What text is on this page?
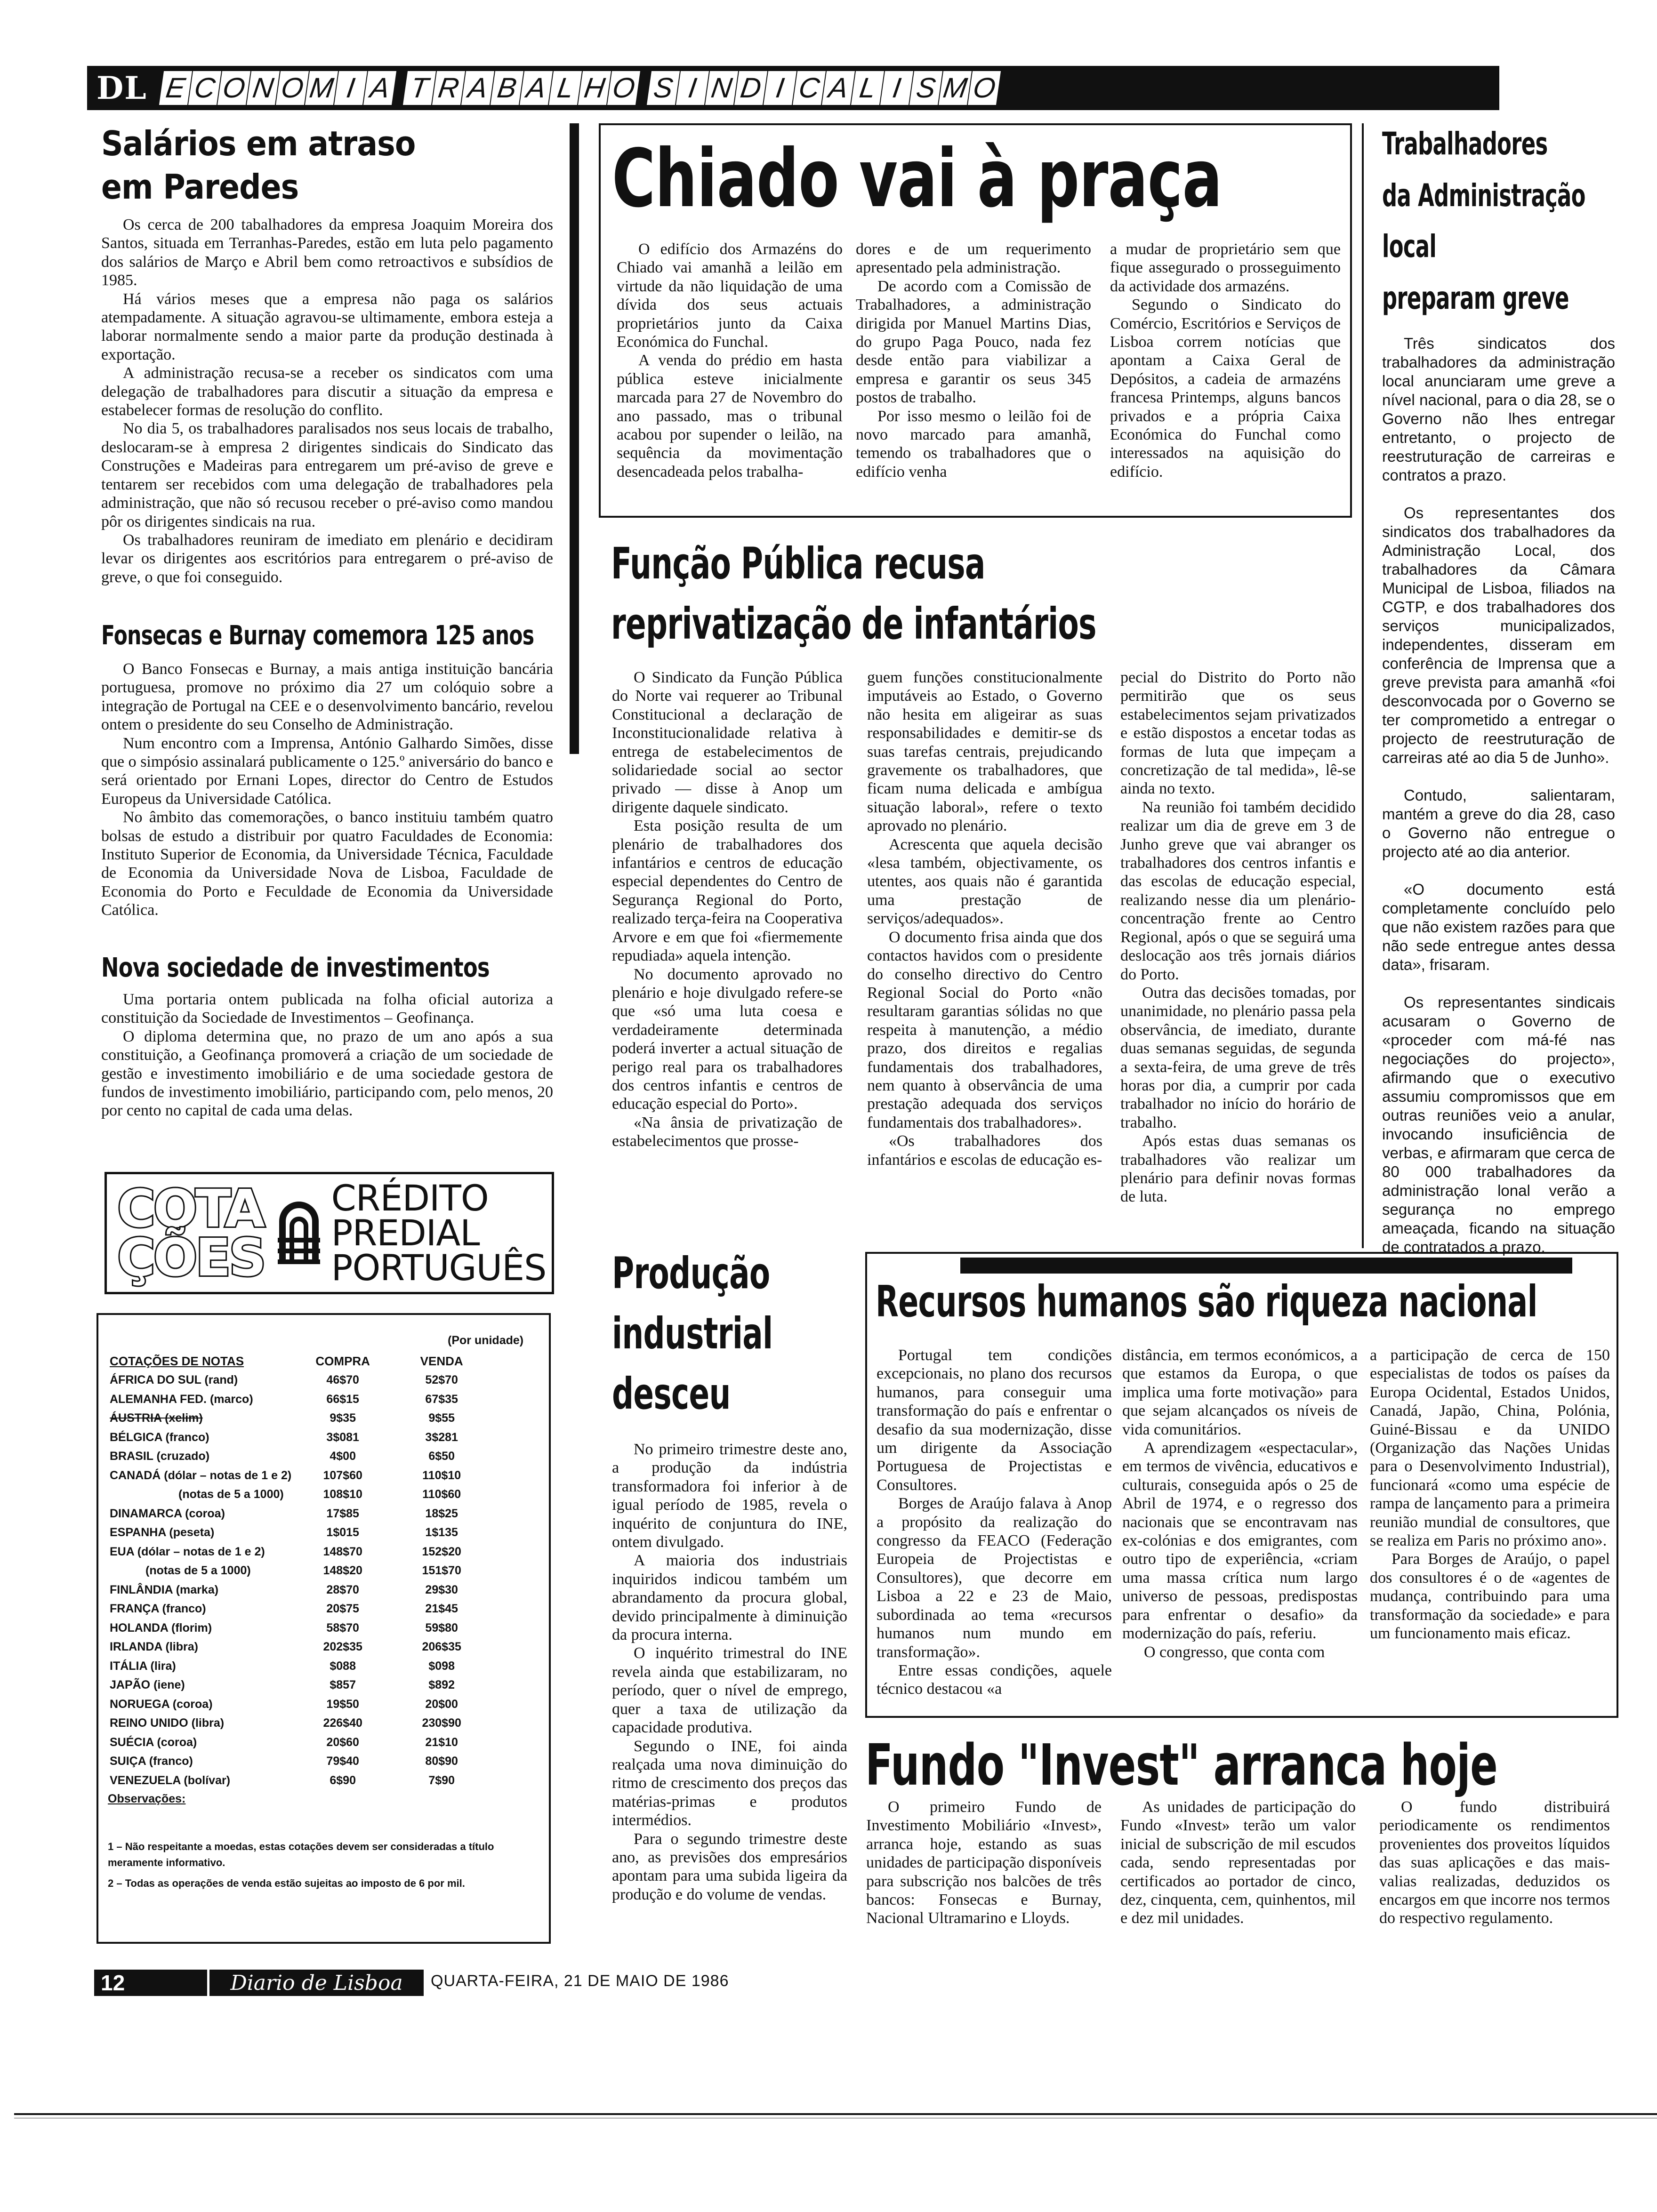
DL E C O N O M I A T R A B A L H O S I N D I C A L I S M O
Salários em atraso
em Paredes

Os cerca de 200 tabalhadores da empresa Joaquim Moreira dos Santos, situada em Terranhas-Paredes, estão em luta pelo pagamento dos salários de Março e Abril bem como retroactivos e subsídios de 1985.

Há vários meses que a empresa não paga os salários atempadamente. A situação agravou-se ultimamente, embora esteja a laborar normalmente sendo a maior parte da produção destinada à exportação.

A administração recusa-se a receber os sindicatos com uma delegação de trabalhadores para discutir a situação da empresa e estabelecer formas de resolução do conflito.

No dia 5, os trabalhadores paralisados nos seus locais de trabalho, deslocaram-se à empresa 2 dirigentes sindicais do Sindicato das Construções e Madeiras para entregarem um pré-aviso de greve e tentarem ser recebidos com uma delegação de trabalhadores pela administração, que não só recusou receber o pré-aviso como mandou pôr os dirigentes sindicais na rua.

Os trabalhadores reuniram de imediato em plenário e decidiram levar os dirigentes aos escritórios para entregarem o pré-aviso de greve, o que foi conseguido.

Fonsecas e Burnay comemora 125 anos

O Banco Fonsecas e Burnay, a mais antiga instituição bancária portuguesa, promove no próximo dia 27 um colóquio sobre a integração de Portugal na CEE e o desenvolvimento bancário, revelou ontem o presidente do seu Conselho de Administração.

Num encontro com a Imprensa, António Galhardo Simões, disse que o simpósio assinalará publicamente o 125.º aniversário do banco e será orientado por Ernani Lopes, director do Centro de Estudos Europeus da Universidade Católica.

No âmbito das comemorações, o banco instituiu também quatro bolsas de estudo a distribuir por quatro Faculdades de Economia: Instituto Superior de Economia, da Universidade Técnica, Faculdade de Economia da Universidade Nova de Lisboa, Faculdade de Economia do Porto e Feculdade de Economia da Universidade Católica.

Nova sociedade de investimentos

Uma portaria ontem publicada na folha oficial autoriza a constituição da Sociedade de Investimentos – Geofinança.

O diploma determina que, no prazo de um ano após a sua constituição, a Geofinança promoverá a criação de um sociedade de gestão e investimento imobiliário e de uma sociedade gestora de fundos de investimento imobiliário, participando com, pelo menos, 20 por cento no capital de cada uma delas.

COTA
ÇÕES
CRÉDITO
PREDIAL
PORTUGUÊS
(Por unidade)
COTAÇÕES DE NOTAS	COMPRA	VENDA
ÁFRICA DO SUL (rand)	46$70	52$70
ALEMANHA FED. (marco)	66$15	67$35
ÁUSTRIA (xelim)	9$35	9$55
BÉLGICA (franco)	3$081	3$281
BRASIL (cruzado)	4$00	6$50
CANADÁ (dólar – notas de 1 e 2)	107$60	110$10
(notas de 5 a 1000)	108$10	110$60
DINAMARCA (coroa)	17$85	18$25
ESPANHA (peseta)	1$015	1$135
EUA (dólar – notas de 1 e 2)	148$70	152$20
(notas de 5 a 1000)	148$20	151$70
FINLÂNDIA (marka)	28$70	29$30
FRANÇA (franco)	20$75	21$45
HOLANDA (florim)	58$70	59$80
IRLANDA (libra)	202$35	206$35
ITÁLIA (lira)	$088	$098
JAPÃO (iene)	$857	$892
NORUEGA (coroa)	19$50	20$00
REINO UNIDO (libra)	226$40	230$90
SUÉCIA (coroa)	20$60	21$10
SUIÇA (franco)	79$40	80$90
VENEZUELA (bolívar)	6$90	7$90
Observações:
1 – Não respeitante a moedas, estas cotações devem ser consideradas a título meramente informativo.
2 – Todas as operações de venda estão sujeitas ao imposto de 6 por mil.
Chiado vai à praça

O edifício dos Armazéns do Chiado vai amanhã a leilão em virtude da não liquidação de uma dívida dos seus actuais proprietários junto da Caixa Económica do Funchal.

A venda do prédio em hasta pública esteve inicialmente marcada para 27 de Novembro do ano passado, mas o tribunal acabou por supender o leilão, na sequência da movimentação desencadeada pelos trabalha-

dores e de um requerimento apresentado pela administração.

De acordo com a Comissão de Trabalhadores, a administração dirigida por Manuel Martins Dias, do grupo Paga Pouco, nada fez desde então para viabilizar a empresa e garantir os seus 345 postos de trabalho.

Por isso mesmo o leilão foi de novo marcado para amanhã, temendo os trabalhadores que o edifício venha

a mudar de proprietário sem que fique assegurado o prosseguimento da actividade dos armazéns.

Segundo o Sindicato do Comércio, Escritórios e Serviços de Lisboa correm notícias que apontam a Caixa Geral de Depósitos, a cadeia de armazéns francesa Printemps, alguns bancos privados e a própria Caixa Económica do Funchal como interessados na aquisição do edifício.

Função Pública recusa
reprivatização de infantários

O Sindicato da Função Pública do Norte vai requerer ao Tribunal Constitucional a declaração de Inconstitucionalidade relativa à entrega de estabelecimentos de solidariedade social ao sector privado — disse à Anop um dirigente daquele sindicato.

Esta posição resulta de um plenário de trabalhadores dos infantários e centros de educação especial dependentes do Centro de Segurança Regional do Porto, realizado terça-feira na Cooperativa Arvore e em que foi «fiermemente repudiada» aquela intenção.

No documento aprovado no plenário e hoje divulgado refere-se que «só uma luta coesa e verdadeiramente determinada poderá inverter a actual situação de perigo real para os trabalhadores dos centros infantis e centros de educação especial do Porto».

«Na ânsia de privatização de estabelecimentos que prosse-

guem funções constitucionalmente imputáveis ao Estado, o Governo não hesita em aligeirar as suas responsabilidades e demitir-se ds suas tarefas centrais, prejudicando gravemente os trabalhadores, que ficam numa delicada e ambígua situação laboral», refere o texto aprovado no plenário.

Acrescenta que aquela decisão «lesa também, objectivamente, os utentes, aos quais não é garantida uma prestação de serviços/adequados».

O documento frisa ainda que dos contactos havidos com o presidente do conselho directivo do Centro Regional Social do Porto «não resultaram garantias sólidas no que respeita à manutenção, a médio prazo, dos direitos e regalias fundamentais dos trabalhadores, nem quanto à observância de uma prestação adequada dos serviços fundamentais dos trabalhadores».

«Os trabalhadores dos infantários e escolas de educação es-

pecial do Distrito do Porto não permitirão que os seus estabelecimentos sejam privatizados e estão dispostos a encetar todas as formas de luta que impeçam a concretização de tal medida», lê-se ainda no texto.

Na reunião foi também decidido realizar um dia de greve em 3 de Junho greve que vai abranger os trabalhadores dos centros infantis e das escolas de educação especial, realizando nesse dia um plenário-concentração frente ao Centro Regional, após o que se seguirá uma deslocação aos três jornais diários do Porto.

Outra das decisões tomadas, por unanimidade, no plenário passa pela observância, de imediato, durante duas semanas seguidas, de segunda a sexta-feira, de uma greve de três horas por dia, a cumprir por cada trabalhador no início do horário de trabalho.

Após estas duas semanas os trabalhadores vão realizar um plenário para definir novas formas de luta.

Produção
industrial
desceu

No primeiro trimestre deste ano, a produção da indústria transformadora foi inferior à de igual período de 1985, revela o inquérito de conjuntura do INE, ontem divulgado.

A maioria dos industriais inquiridos indicou também um abrandamento da procura global, devido principalmente à diminuição da procura interna.

O inquérito trimestral do INE revela ainda que estabilizaram, no período, quer o nível de emprego, quer a taxa de utilização da capacidade produtiva.

Segundo o INE, foi ainda realçada uma nova diminuição do ritmo de crescimento dos preços das matérias-primas e produtos intermédios.

Para o segundo trimestre deste ano, as previsões dos empresários apontam para uma subida ligeira da produção e do volume de vendas.

Recursos humanos são riqueza nacional

Portugal tem condições excepcionais, no plano dos recursos humanos, para conseguir uma transformação do país e enfrentar o desafio da sua modernização, disse um dirigente da Associação Portuguesa de Projectistas e Consultores.

Borges de Araújo falava à Anop a propósito da realização do congresso da FEACO (Federação Europeia de Projectistas e Consultores), que decorre em Lisboa a 22 e 23 de Maio, subordinada ao tema «recursos humanos num mundo em transformação».

Entre essas condições, aquele técnico destacou «a

distância, em termos económicos, a que estamos da Europa, o que implica uma forte motivação» para que sejam alcançados os níveis de vida comunitários.

A aprendizagem «espectacular», em termos de vivência, educativos e culturais, conseguida após o 25 de Abril de 1974, e o regresso dos nacionais que se encontravam nas ex-colónias e dos emigrantes, com outro tipo de experiência, «criam uma massa crítica num largo universo de pessoas, predispostas para enfrentar o desafio» da modernização do país, referiu.

O congresso, que conta com

a participação de cerca de 150 especialistas de todos os países da Europa Ocidental, Estados Unidos, Canadá, Japão, China, Polónia, Guiné-Bissau e da UNIDO (Organização das Nações Unidas para o Desenvolvimento Industrial), funcionará «como uma espécie de rampa de lançamento para a primeira reunião mundial de consultores, que se realiza em Paris no próximo ano».

Para Borges de Araújo, o papel dos consultores é o de «agentes de mudança, contribuindo para uma transformação da sociedade» e para um funcionamento mais eficaz.

Fundo "Invest" arranca hoje

O primeiro Fundo de Investimento Mobiliário «Invest», arranca hoje, estando as suas unidades de participação disponíveis para subscrição nos balcões de três bancos: Fonsecas e Burnay, Nacional Ultramarino e Lloyds.

As unidades de participação do Fundo «Invest» terão um valor inicial de subscrição de mil escudos cada, sendo representadas por certificados ao portador de cinco, dez, cinquenta, cem, quinhentos, mil e dez mil unidades.

O fundo distribuirá periodicamente os rendimentos provenientes dos proveitos líquidos das suas aplicações e das mais-valias realizadas, deduzidos os encargos em que incorre nos termos do respectivo regulamento.

Trabalhadores
da Administração
local
preparam greve

Três sindicatos dos trabalhadores da administração local anunciaram ume greve a nível nacional, para o dia 28, se o Governo não lhes entregar entretanto, o projecto de reestruturação de carreiras e contratos a prazo.

Os representantes dos sindicatos dos trabalhadores da Administração Local, dos trabalhadores da Câmara Municipal de Lisboa, filiados na CGTP, e dos trabalhadores dos serviços municipalizados, independentes, disseram em conferência de Imprensa que a greve prevista para amanhã «foi desconvocada por o Governo se ter comprometido a entregar o projecto de reestruturação de carreiras até ao dia 5 de Junho».

Contudo, salientaram, mantém a greve do dia 28, caso o Governo não entregue o projecto até ao dia anterior.

«O documento está completamente concluído pelo que não existem razões para que não sede entregue antes dessa data», frisaram.

Os representantes sindicais acusaram o Governo de «proceder com má-fé nas negociações do projecto», afirmando que o executivo assumiu compromissos que em outras reuniões veio a anular, invocando insuficiência de verbas, e afirmaram que cerca de 80 000 trabalhadores da administração lonal verão a segurança no emprego ameaçada, ficando na situação de contratados a prazo.

12	Diario de Lisboa QUARTA-FEIRA, 21 DE MAIO DE 1986
